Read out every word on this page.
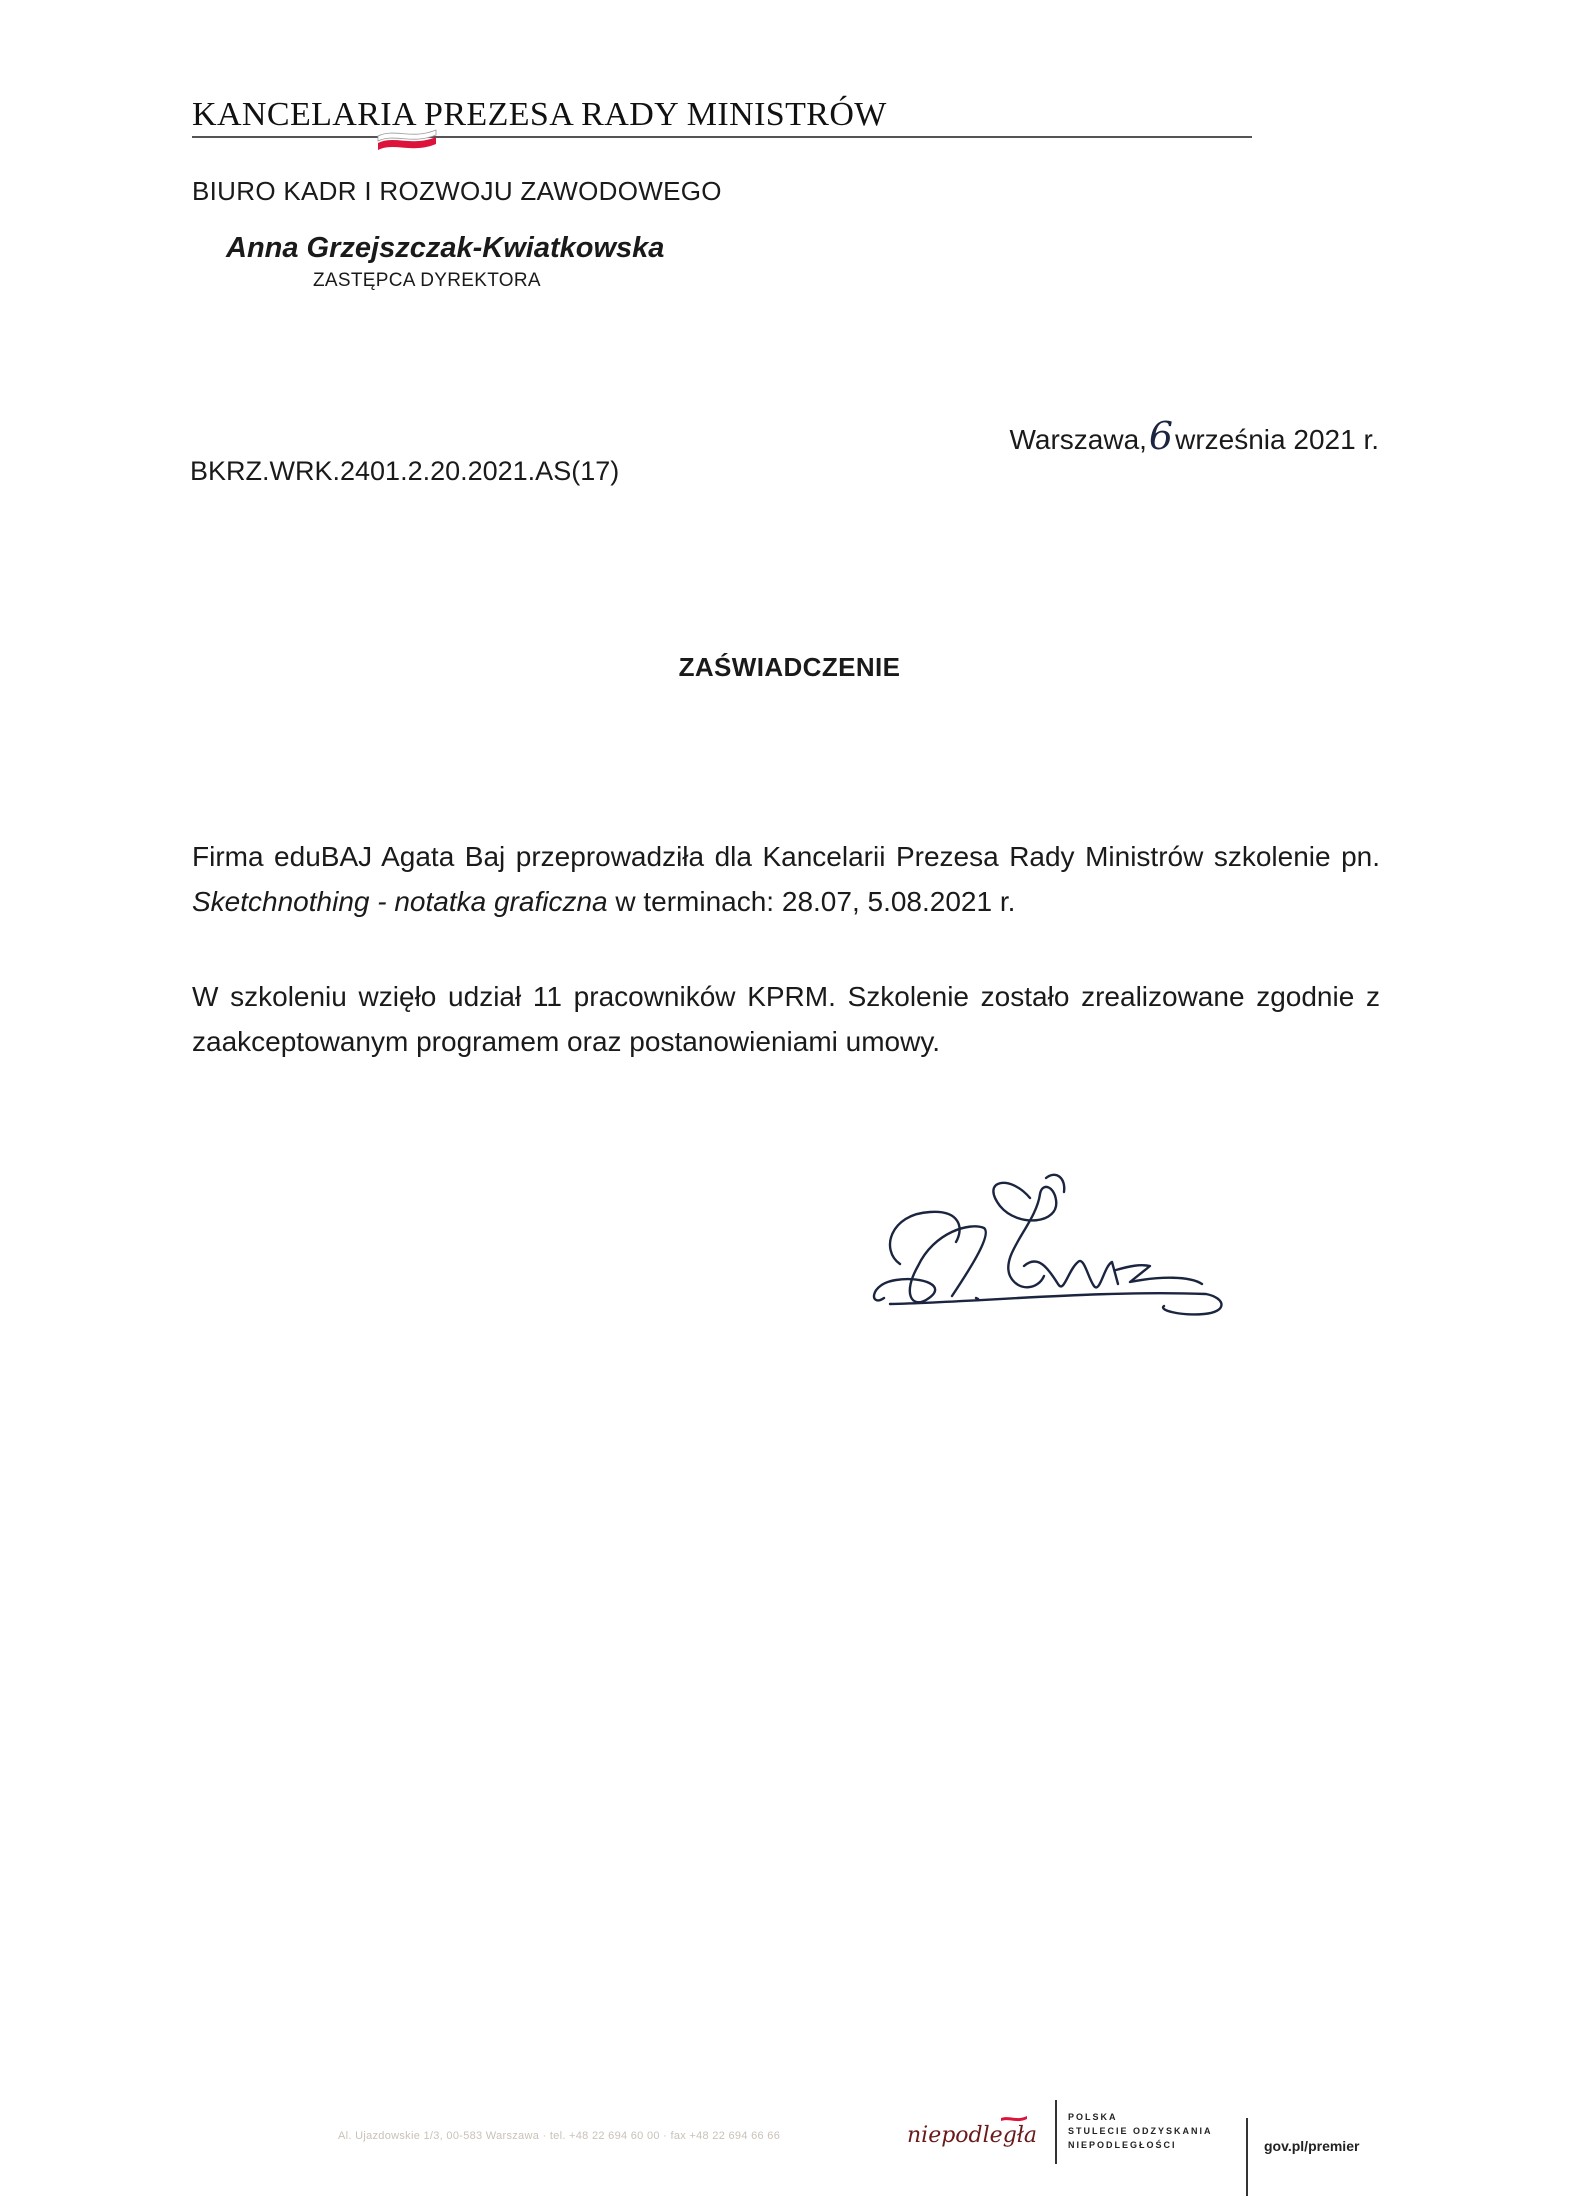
KANCELARIA PREZESA RADY MINISTRÓW
BIURO KADR I ROZWOJU ZAWODOWEGO
Anna Grzejszczak-Kwiatkowska
ZASTĘPCA DYREKTORA
Warszawa,6września 2021 r.
BKRZ.WRK.2401.2.20.2021.AS(17)
ZAŚWIADCZENIE
Firma eduBAJ Agata Baj przeprowadziła dla Kancelarii Prezesa Rady Ministrów szkolenie pn. Sketchnothing - notatka graficzna w terminach: 28.07, 5.08.2021 r.
W szkoleniu wzięło udział 11 pracowników KPRM. Szkolenie zostało zrealizowane zgodnie z zaakceptowanym programem oraz postanowieniami umowy.
Al. Ujazdowskie 1/3, 00-583 Warszawa · tel. +48 22 694 60 00 · fax +48 22 694 66 66	niepodległa
POLSKA
STULECIE ODZYSKANIA
NIEPODLEGŁOŚCI	gov.pl/premier
